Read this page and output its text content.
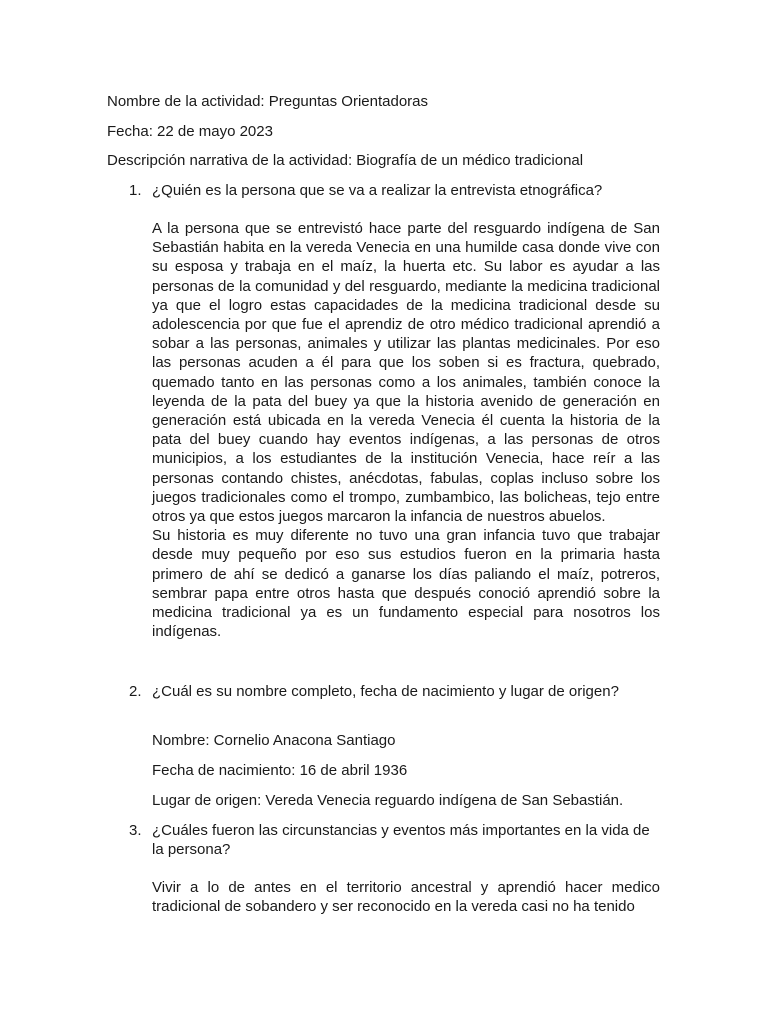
Nombre de la actividad: Preguntas Orientadoras
Fecha: 22 de mayo 2023
Descripción narrativa de la actividad: Biografía de un médico tradicional
1. ¿Quién es la persona que se va a realizar la entrevista etnográfica?

A la persona que se entrevistó hace parte del resguardo indígena de San Sebastián habita en la vereda Venecia en una humilde casa donde vive con su esposa y trabaja en el maíz, la huerta etc. Su labor es ayudar a las personas de la comunidad y del resguardo, mediante la medicina tradicional ya que el logro estas capacidades de la medicina tradicional desde su adolescencia por que fue el aprendiz de otro médico tradicional aprendió a sobar a las personas, animales y utilizar las plantas medicinales. Por eso las personas acuden a él para que los soben si es fractura, quebrado, quemado tanto en las personas como a los animales, también conoce la leyenda de la pata del buey ya que la historia avenido de generación en generación está ubicada en la vereda Venecia él cuenta la historia de la pata del buey cuando hay eventos indígenas, a las personas de otros municipios, a los estudiantes de la institución Venecia, hace reír a las personas contando chistes, anécdotas, fabulas, coplas incluso sobre los juegos tradicionales como el trompo, zumbambico, las bolicheas, tejo entre otros ya que estos juegos marcaron la infancia de nuestros abuelos.

Su historia es muy diferente no tuvo una gran infancia tuvo que trabajar desde muy pequeño por eso sus estudios fueron en la primaria hasta primero de ahí se dedicó a ganarse los días paliando el maíz, potreros, sembrar papa entre otros hasta que después conoció aprendió sobre la medicina tradicional ya es un fundamento especial para nosotros los indígenas.

2. ¿Cuál es su nombre completo, fecha de nacimiento y lugar de origen?
Nombre: Cornelio Anacona Santiago
Fecha de nacimiento: 16 de abril 1936
Lugar de origen: Vereda Venecia reguardo indígena de San Sebastián.
3. ¿Cuáles fueron las circunstancias y eventos más importantes en la vida de la persona?

Vivir a lo de antes en el territorio ancestral y aprendió hacer medico tradicional de sobandero y ser reconocido en la vereda casi no ha tenido
